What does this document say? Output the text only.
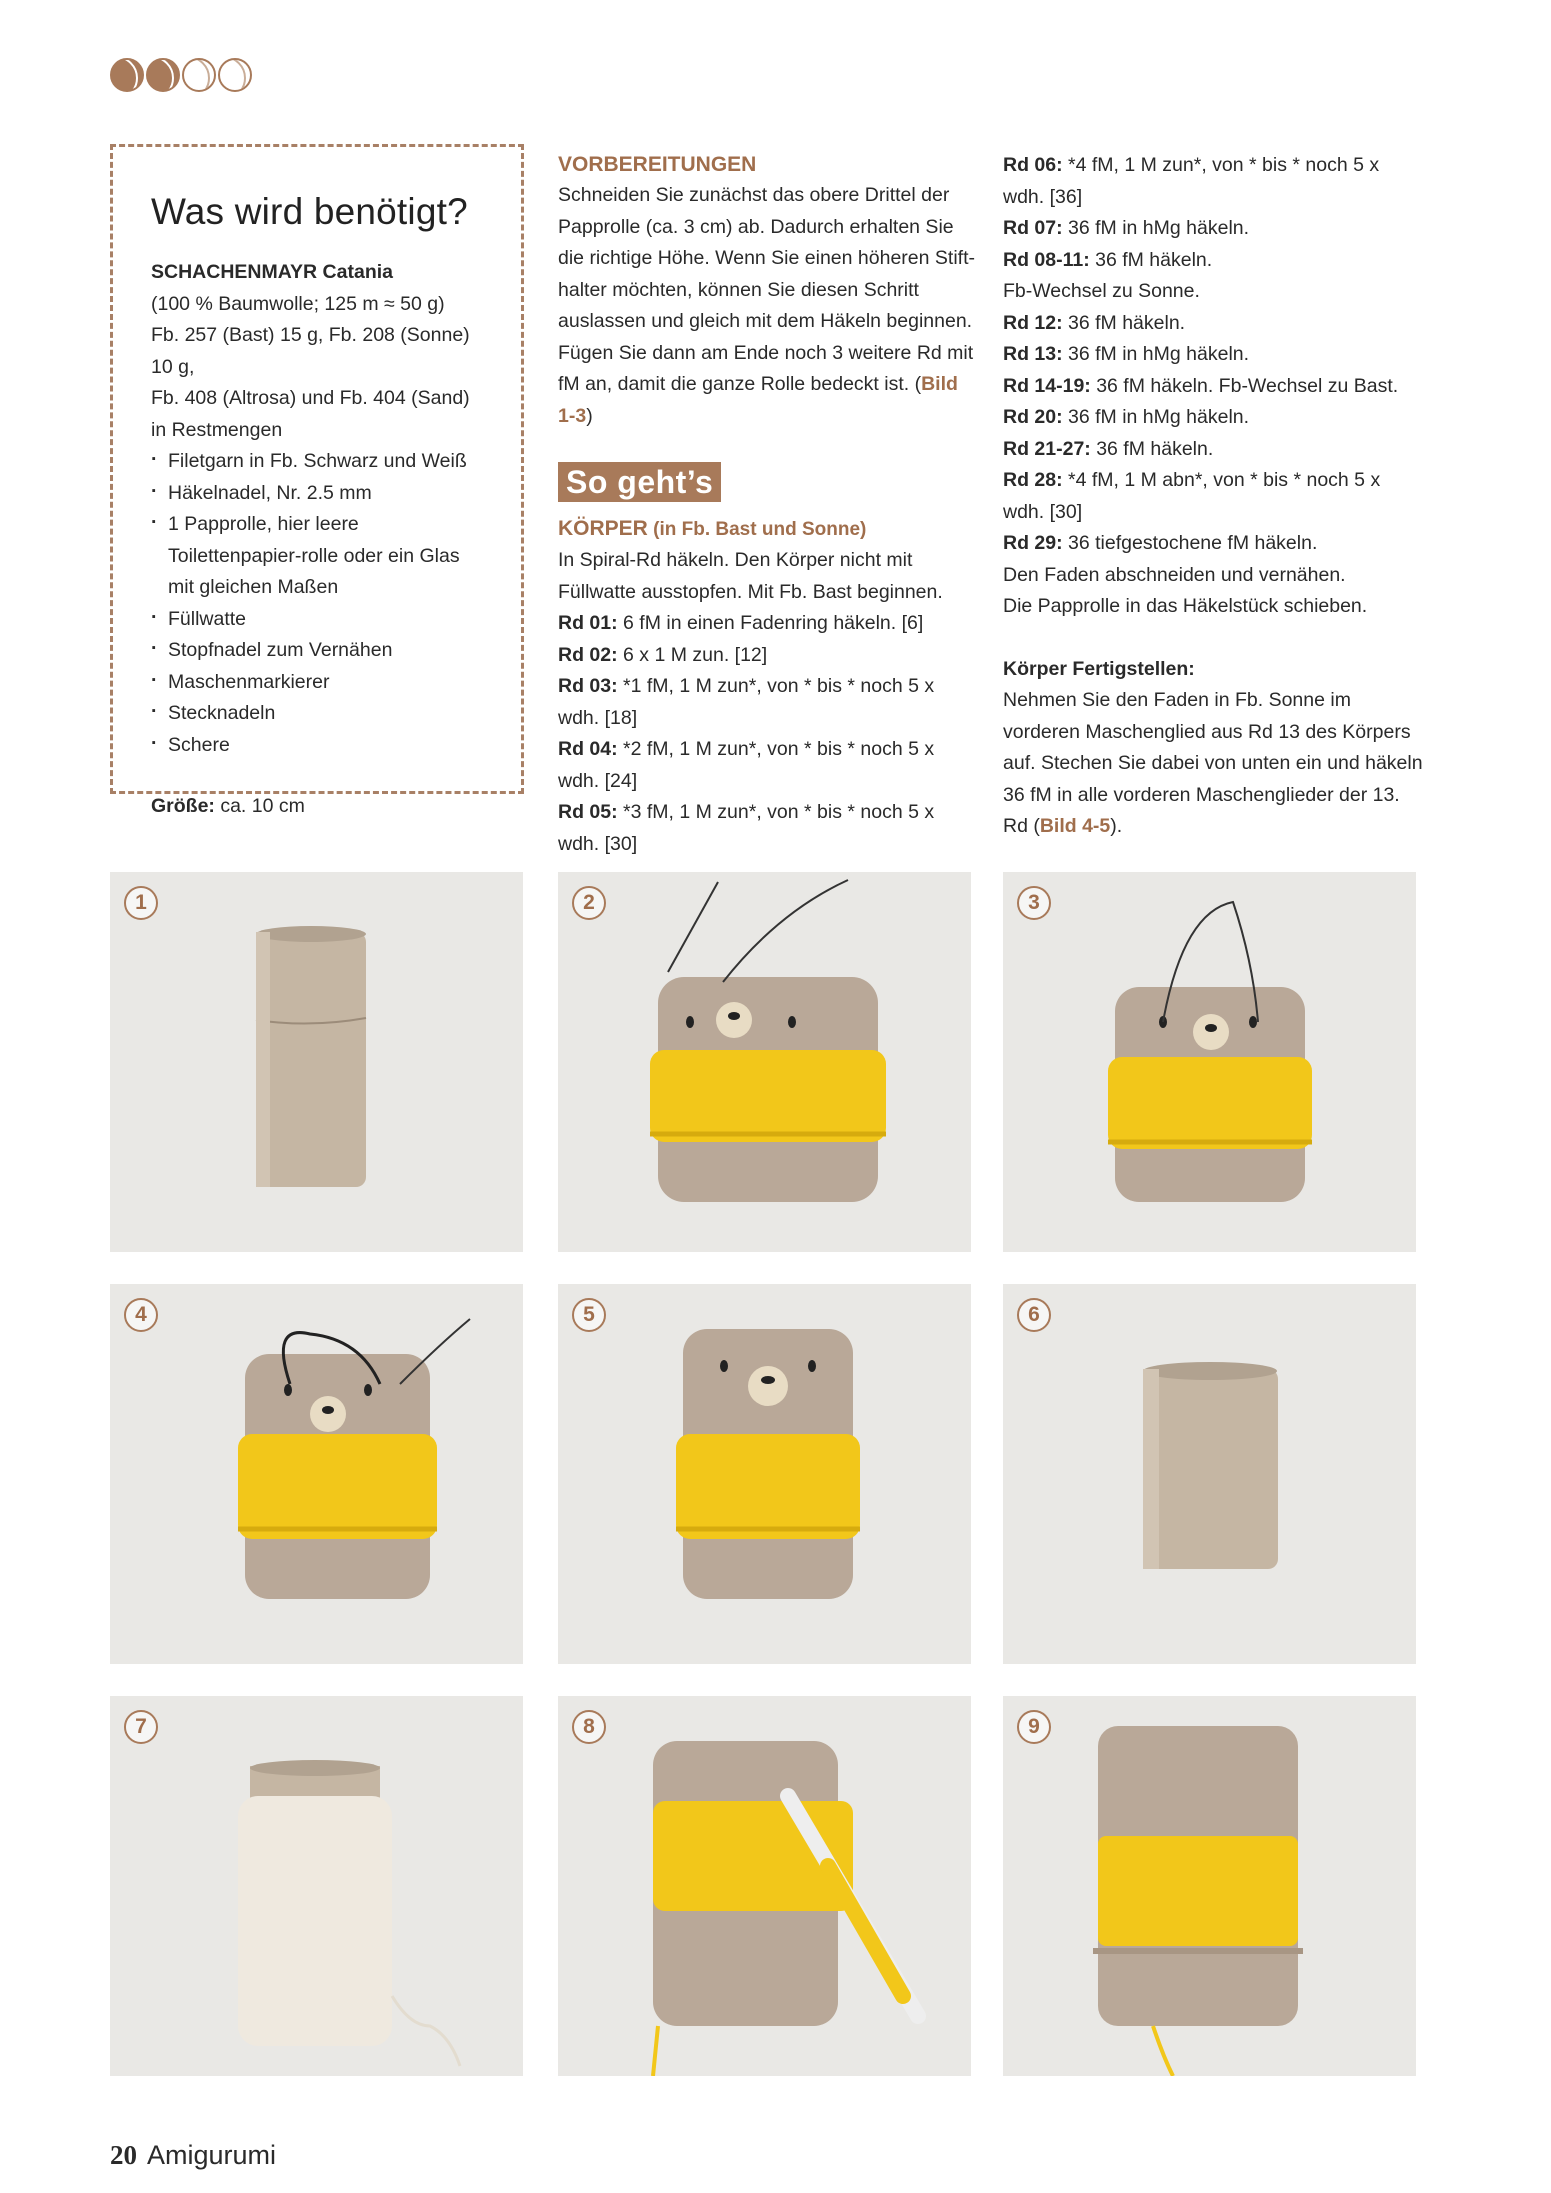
Was wird benötigt?

SCHACHENMAYR Catania

(100 % Baumwolle; 125 m ≈ 50 g)

Fb. 257 (Bast) 15 g, Fb. 208 (Sonne) 10 g,

Fb. 408 (Altrosa) und Fb. 404 (Sand)

in Restmengen

· Filetgarn in Fb. Schwarz und Weiß
· Häkelnadel, Nr. 2.5 mm
· 1 Papprolle, hier leere Toilettenpapier-rolle oder ein Glas mit gleichen Maßen
· Füllwatte
· Stopfnadel zum Vernähen
· Maschenmarkierer
· Stecknadeln
· Schere

Größe: ca. 10 cm

VORBEREITUNGEN

Schneiden Sie zunächst das obere Drittel der Papprolle (ca. 3 cm) ab. Dadurch erhalten Sie die richtige Höhe. Wenn Sie einen höheren Stift-halter möchten, können Sie diesen Schritt auslassen und gleich mit dem Häkeln beginnen. Fügen Sie dann am Ende noch 3 weitere Rd mit fM an, damit die ganze Rolle bedeckt ist. (Bild 1-3)

So geht’s
KÖRPER (in Fb. Bast und Sonne)

In Spiral-Rd häkeln. Den Körper nicht mit Füllwatte ausstopfen. Mit Fb. Bast beginnen.

Rd 01: 6 fM in einen Fadenring häkeln. [6]

Rd 02: 6 x 1 M zun. [12]

Rd 03: *1 fM, 1 M zun*, von * bis * noch 5 x wdh. [18]

Rd 04: *2 fM, 1 M zun*, von * bis * noch 5 x wdh. [24]

Rd 05: *3 fM, 1 M zun*, von * bis * noch 5 x wdh. [30]

Rd 06: *4 fM, 1 M zun*, von * bis * noch 5 x wdh. [36]

Rd 07: 36 fM in hMg häkeln.

Rd 08-11: 36 fM häkeln.

Fb-Wechsel zu Sonne.

Rd 12: 36 fM häkeln.

Rd 13: 36 fM in hMg häkeln.

Rd 14-19: 36 fM häkeln. Fb-Wechsel zu Bast.

Rd 20: 36 fM in hMg häkeln.

Rd 21-27: 36 fM häkeln.

Rd 28: *4 fM, 1 M abn*, von * bis * noch 5 x wdh. [30]

Rd 29: 36 tiefgestochene fM häkeln.

Den Faden abschneiden und vernähen.

Die Papprolle in das Häkelstück schieben.

Körper Fertigstellen:

Nehmen Sie den Faden in Fb. Sonne im vorderen Maschenglied aus Rd 13 des Körpers auf. Stechen Sie dabei von unten ein und häkeln 36 fM in alle vorderen Maschenglieder der 13. Rd (Bild 4-5).

1	2	3
4	5	6
7	8	9
20 Amigurumi
